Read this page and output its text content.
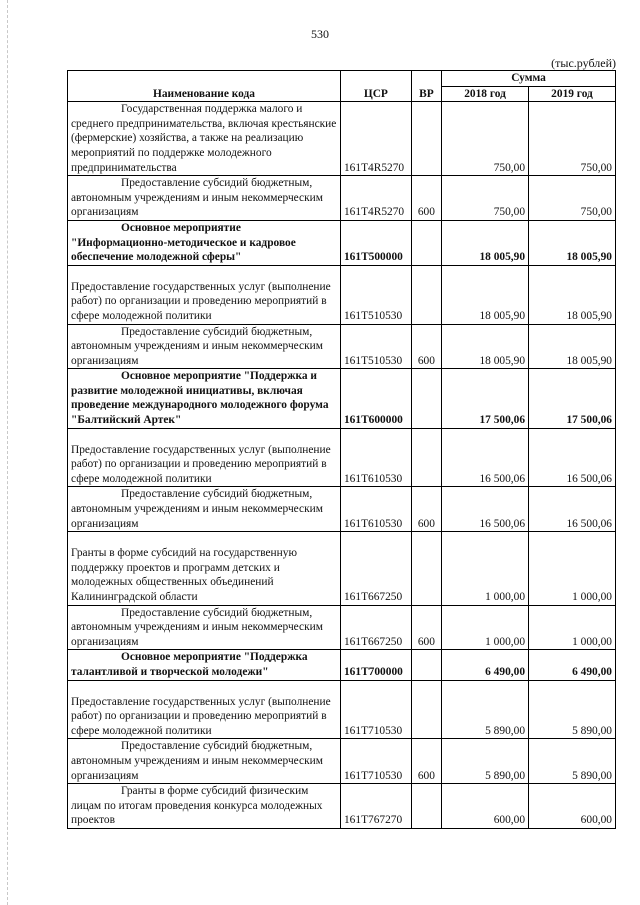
530
(тыс.рублей)
Наименование кода	ЦСР	ВР	Сумма	
			2018 год	2019 год
Государственная поддержка малого и среднего предпринимательства, включая крестьянские (фермерские) хозяйства, а также на реализацию мероприятий по поддержке молодежного предпринимательства	161T4R5270		750,00	750,00
Предоставление субсидий бюджетным, автономным учреждениям и иным некоммерческим организациям	161T4R5270	600	750,00	750,00
Основное мероприятие "Информационно-методическое и кадровое обеспечение молодежной сферы"	161T500000		18 005,90	18 005,90

Предоставление государственных услуг (выполнение работ) по организации и проведению мероприятий в сфере молодежной политики	161T510530		18 005,90	18 005,90
Предоставление субсидий бюджетным, автономным учреждениям и иным некоммерческим организациям	161T510530	600	18 005,90	18 005,90
Основное мероприятие "Поддержка и развитие молодежной инициативы, включая проведение международного молодежного форума "Балтийский Артек"	161T600000		17 500,06	17 500,06

Предоставление государственных услуг (выполнение работ) по организации и проведению мероприятий в сфере молодежной политики	161T610530		16 500,06	16 500,06
Предоставление субсидий бюджетным, автономным учреждениям и иным некоммерческим организациям	161T610530	600	16 500,06	16 500,06

Гранты в форме субсидий на государственную поддержку проектов и программ детских и молодежных общественных объединений Калининградской области	161T667250		1 000,00	1 000,00
Предоставление субсидий бюджетным, автономным учреждениям и иным некоммерческим организациям	161T667250	600	1 000,00	1 000,00
Основное мероприятие "Поддержка талантливой и творческой молодежи"	161T700000		6 490,00	6 490,00

Предоставление государственных услуг (выполнение работ) по организации и проведению мероприятий в сфере молодежной политики	161T710530		5 890,00	5 890,00
Предоставление субсидий бюджетным, автономным учреждениям и иным некоммерческим организациям	161T710530	600	5 890,00	5 890,00
Гранты в форме субсидий физическим лицам по итогам проведения конкурса молодежных проектов	161T767270		600,00	600,00
